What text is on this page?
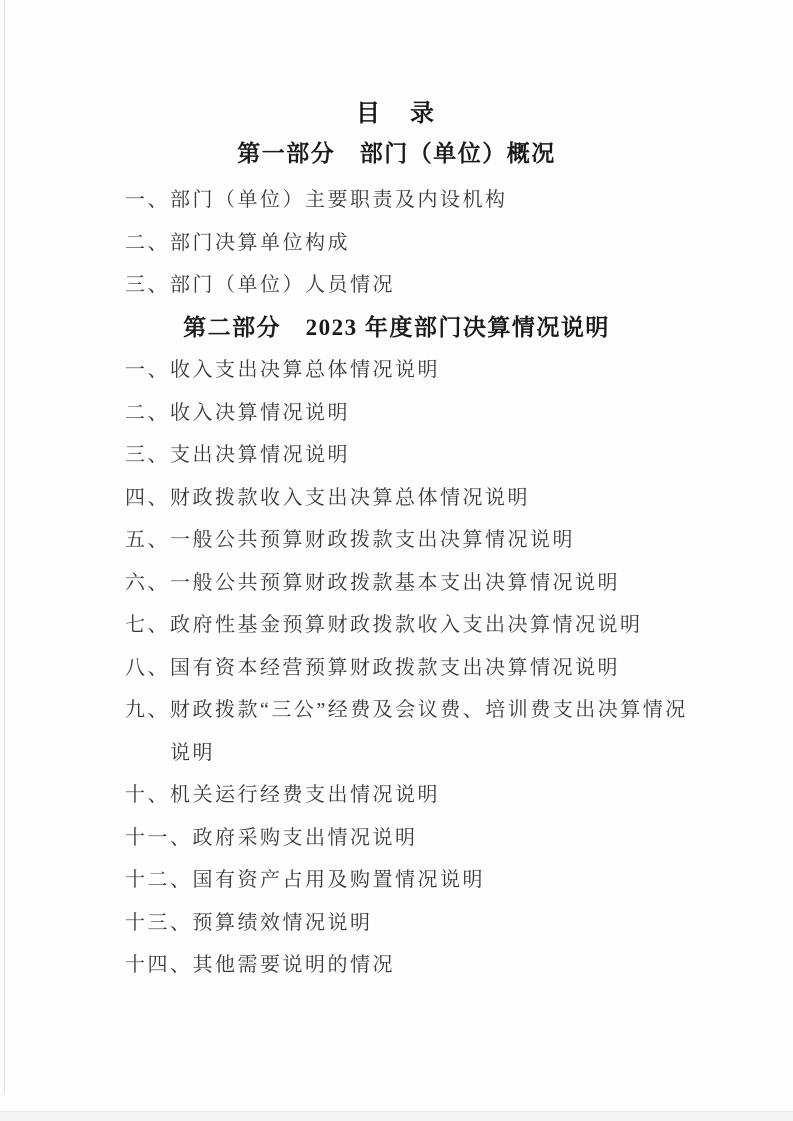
目　录
第一部分　部门（单位）概况
一、部门（单位）主要职责及内设机构
二、部门决算单位构成
三、部门（单位）人员情况
第二部分　2023 年度部门决算情况说明
一、收入支出决算总体情况说明
二、收入决算情况说明
三、支出决算情况说明
四、财政拨款收入支出决算总体情况说明
五、一般公共预算财政拨款支出决算情况说明
六、一般公共预算财政拨款基本支出决算情况说明
七、政府性基金预算财政拨款收入支出决算情况说明
八、国有资本经营预算财政拨款支出决算情况说明
九、财政拨款“三公”经费及会议费、培训费支出决算情况
说明
十、机关运行经费支出情况说明
十一、政府采购支出情况说明
十二、国有资产占用及购置情况说明
十三、预算绩效情况说明
十四、其他需要说明的情况
